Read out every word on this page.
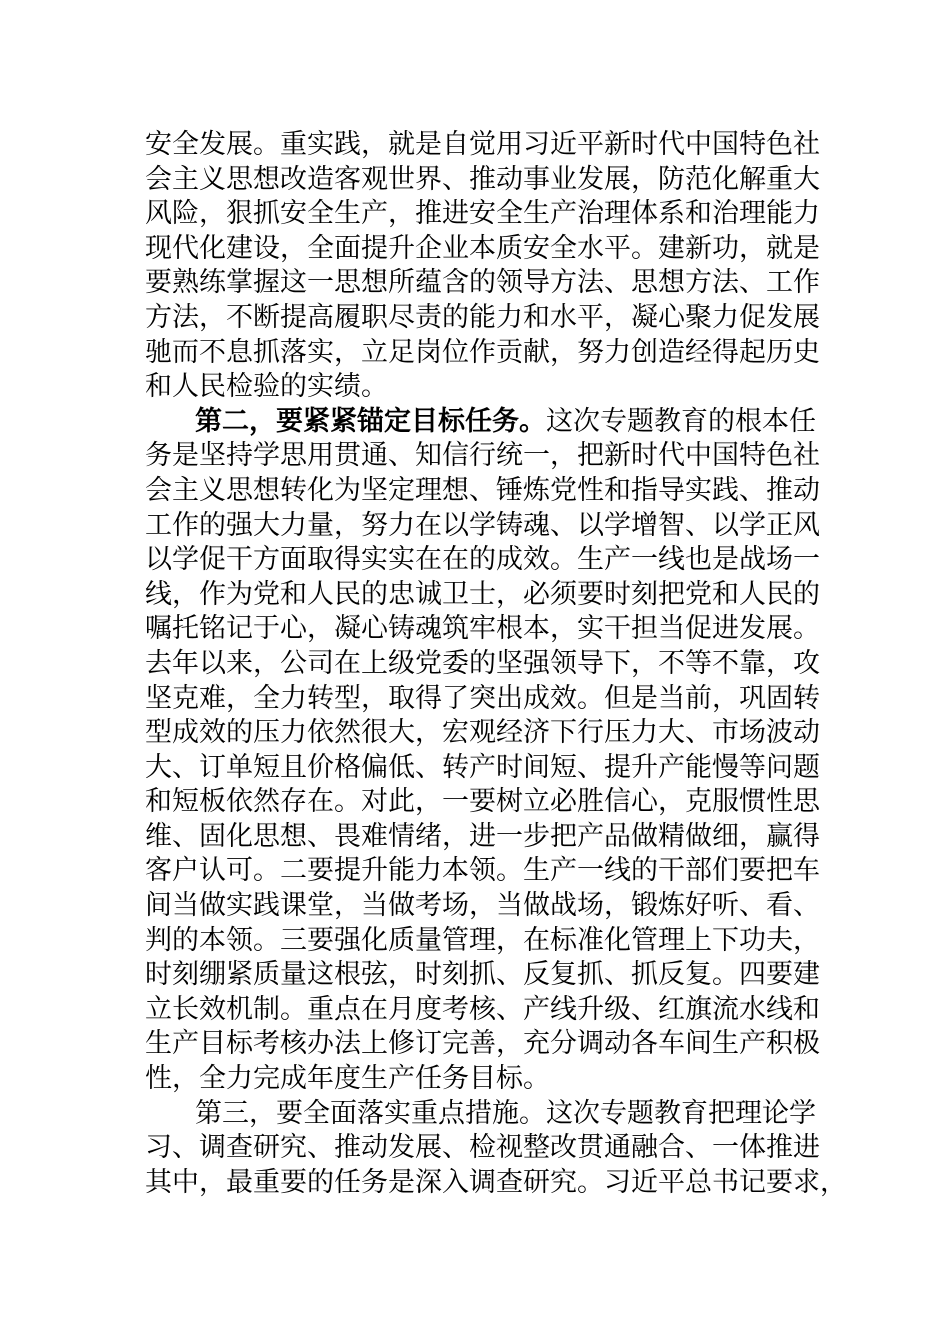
安全发展。重实践，就是自觉用习近平新时代中国特色社
会主义思想改造客观世界、推动事业发展，防范化解重大
风险，狠抓安全生产，推进安全生产治理体系和治理能力
现代化建设，全面提升企业本质安全水平。建新功，就是
要熟练掌握这一思想所蕴含的领导方法、思想方法、工作
方法，不断提高履职尽责的能力和水平，凝心聚力促发展
驰而不息抓落实，立足岗位作贡献，努力创造经得起历史
和人民检验的实绩。
第二，要紧紧锚定目标任务。这次专题教育的根本任
务是坚持学思用贯通、知信行统一，把新时代中国特色社
会主义思想转化为坚定理想、锤炼党性和指导实践、推动
工作的强大力量，努力在以学铸魂、以学增智、以学正风
以学促干方面取得实实在在的成效。生产一线也是战场一
线，作为党和人民的忠诚卫士，必须要时刻把党和人民的
嘱托铭记于心，凝心铸魂筑牢根本，实干担当促进发展。
去年以来，公司在上级党委的坚强领导下，不等不靠，攻
坚克难，全力转型，取得了突出成效。但是当前，巩固转
型成效的压力依然很大，宏观经济下行压力大、市场波动
大、订单短且价格偏低、转产时间短、提升产能慢等问题
和短板依然存在。对此，一要树立必胜信心，克服惯性思
维、固化思想、畏难情绪，进一步把产品做精做细，赢得
客户认可。二要提升能力本领。生产一线的干部们要把车
间当做实践课堂，当做考场，当做战场，锻炼好听、看、
判的本领。三要强化质量管理，在标准化管理上下功夫，
时刻绷紧质量这根弦，时刻抓、反复抓、抓反复。四要建
立长效机制。重点在月度考核、产线升级、红旗流水线和
生产目标考核办法上修订完善，充分调动各车间生产积极
性，全力完成年度生产任务目标。
第三，要全面落实重点措施。这次专题教育把理论学
习、调查研究、推动发展、检视整改贯通融合、一体推进
其中，最重要的任务是深入调查研究。习近平总书记要求，
